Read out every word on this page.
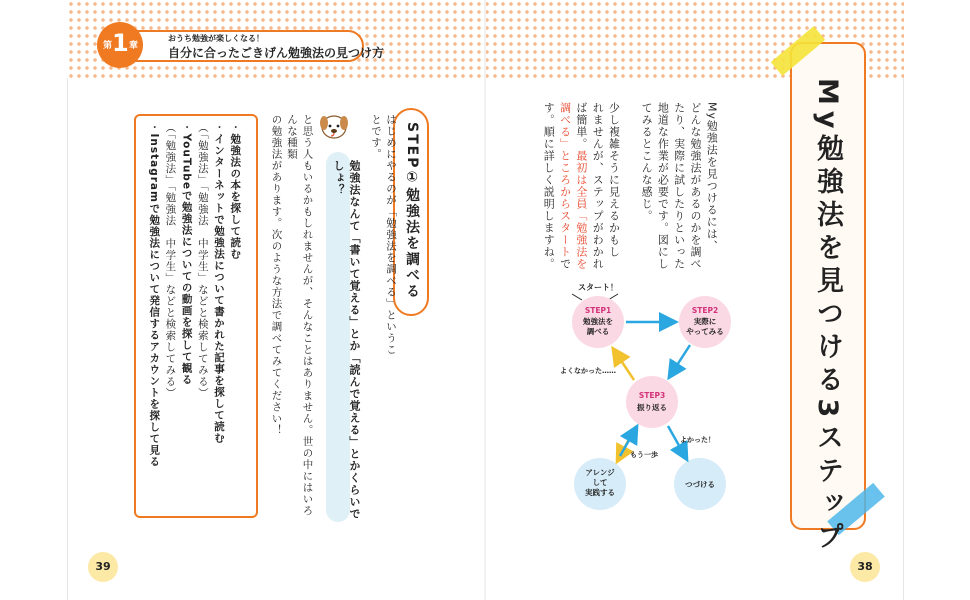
第 1 章
おうち勉強が楽しくなる！
自分に合ったごきげん勉強法の見つけ方
My勉強法を見つける3ステップ
My勉強法を見つけるには、
どんな勉強法があるのかを調べ
たり、実際に試したりといった
地道な作業が必要です。図にし
てみるとこんな感じ。

少し複雑そうに見えるかもし
れませんが、ステップがわかれ
ば簡単。最初は全員「勉強法を調べる」ところからスタートで
す。順に詳しく説明しますね。
スタート！
STEP1
勉強法を
調べる
STEP2
実際に
やってみる
STEP3
振り返る
アレンジ
して
実践する
つづける
よくなかった……
よかった！
もう一歩
STEP①勉強法を調べる
はじめにやるのが「勉強法を調べる」ということです。
勉強法なんて「書いて覚える」とか「読んで覚える」とかくらいでしょ？
と思う人もいるかもしれませんが、そんなことはありません。世の中にはいろんな種類
の勉強法があります。次のような方法で調べてみてください！
・勉強法の本を探して読む
・インターネットで勉強法について書かれた記事を探して読む
（「勉強法」「勉強法　中学生」などと検索してみる）
・YouTubeで勉強法についての動画を探して観る
（「勉強法」「勉強法　中学生」などと検索してみる）
・Instagramで勉強法について発信するアカウントを探して見る
39	38
